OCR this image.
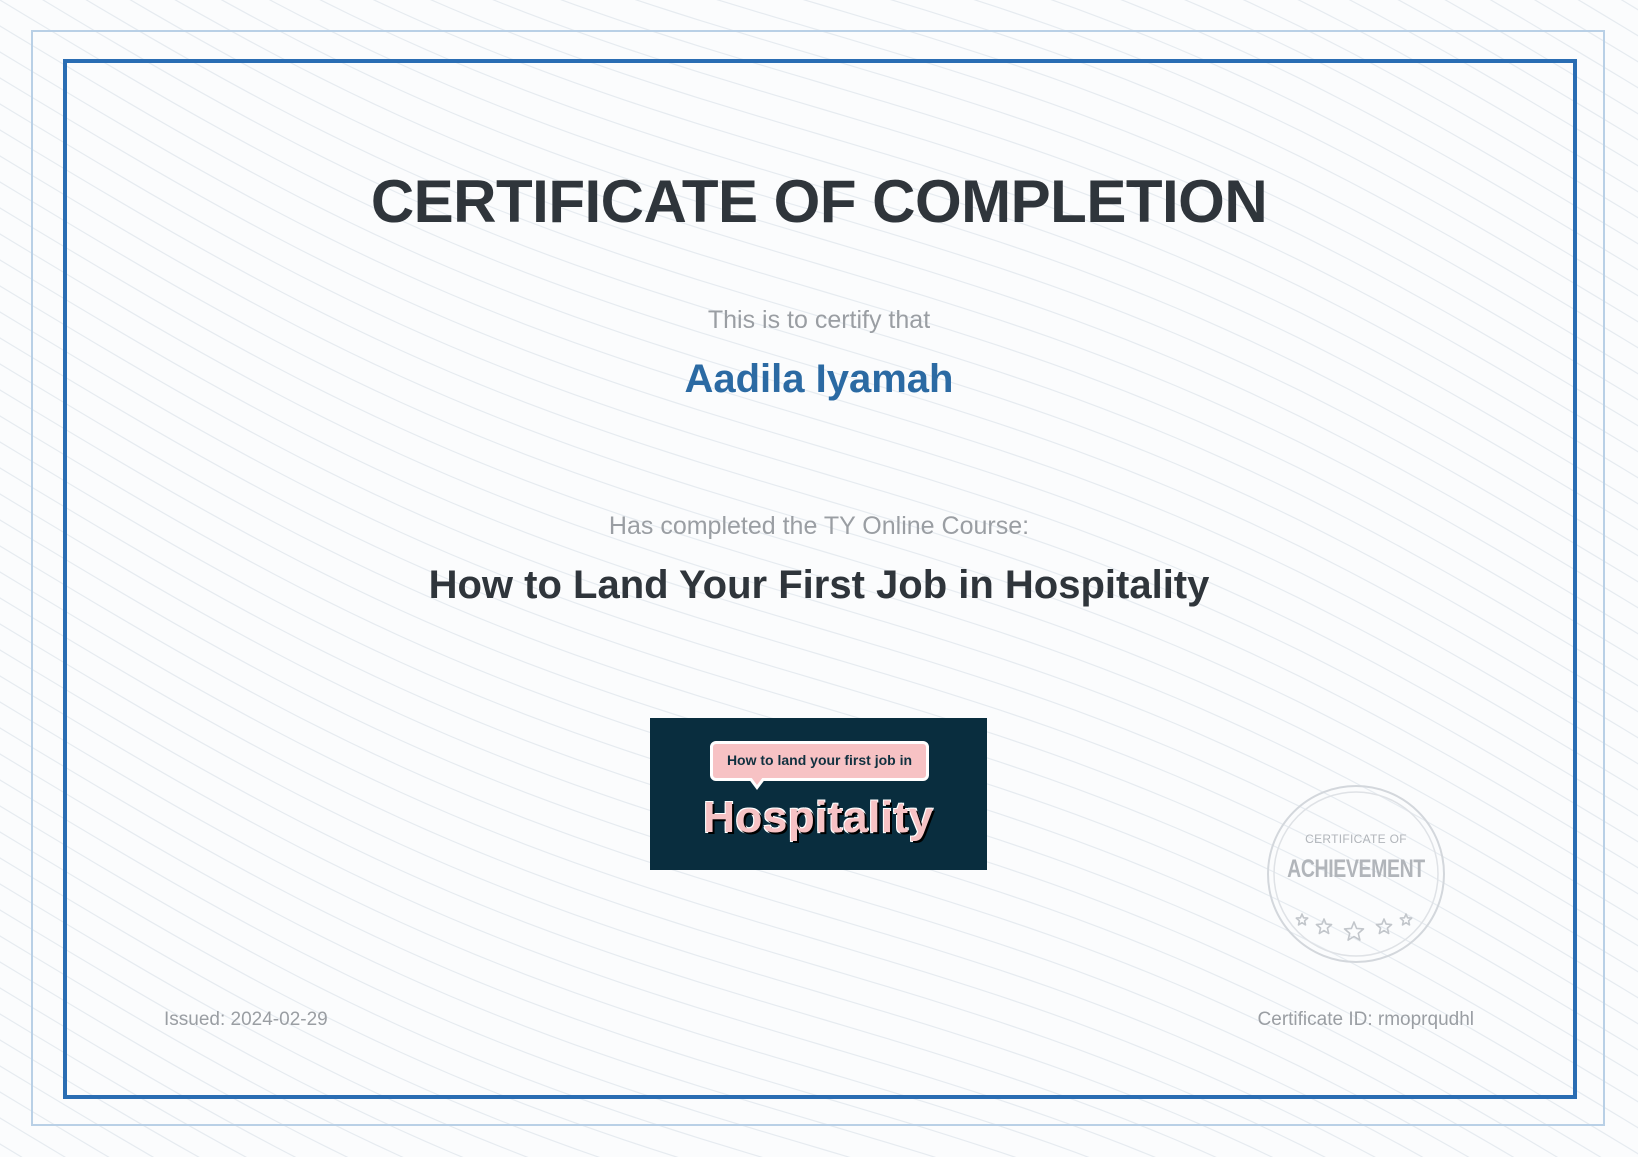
CERTIFICATE OF COMPLETION
This is to certify that
Aadila Iyamah
Has completed the TY Online Course:
How to Land Your First Job in Hospitality
How to land your first job in
Hospitality	CERTIFICATE OF
ACHIEVEMENT
Issued: 2024-02-29	Certificate ID: rmoprqudhl
